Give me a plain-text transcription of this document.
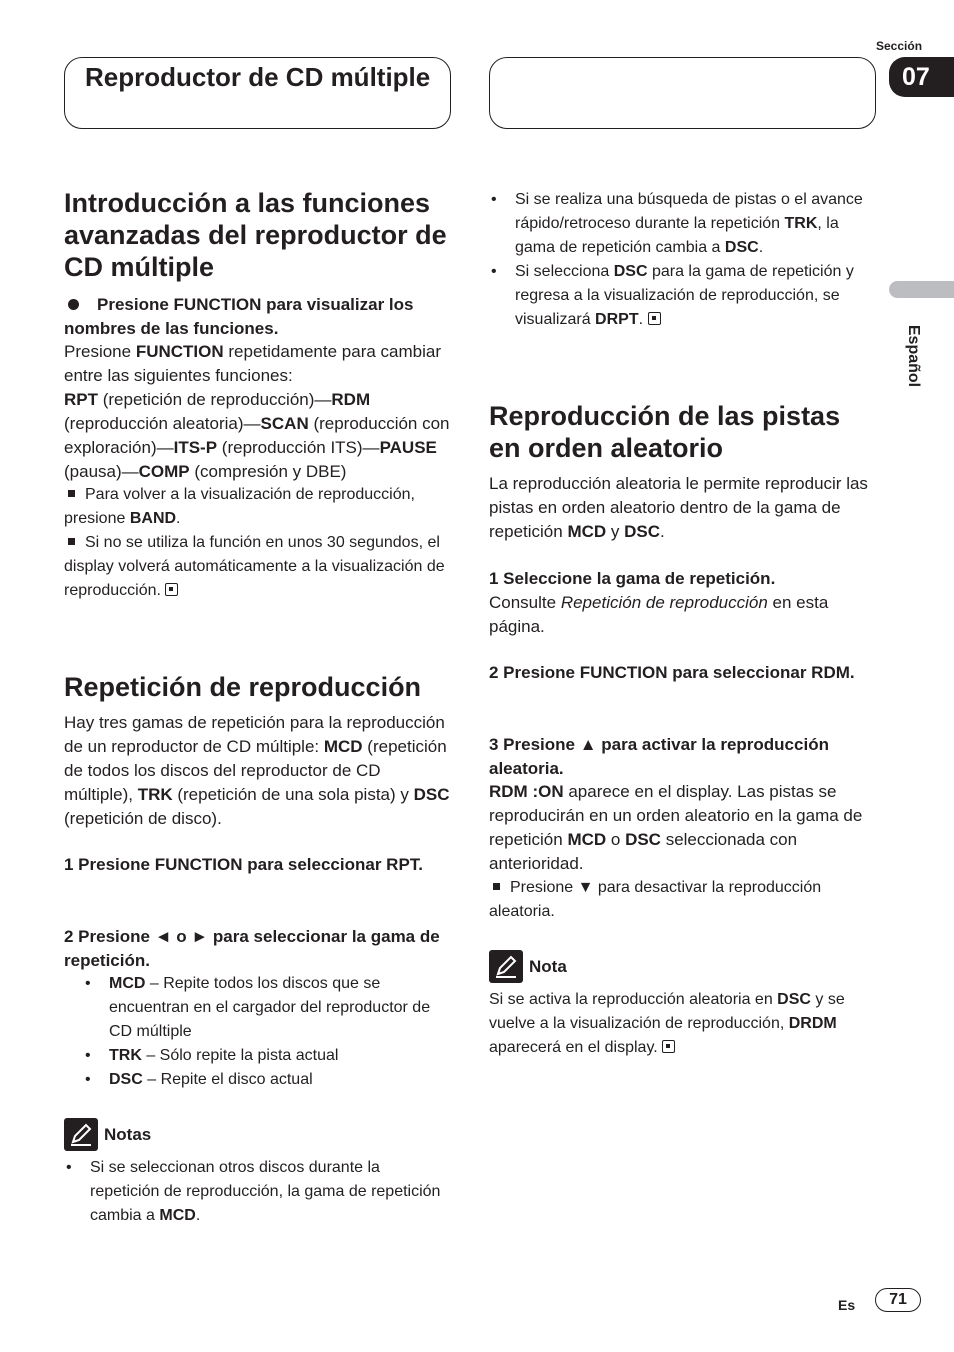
Reproductor de CD múltiple
Sección
07
Español
Introducción a las funciones avanzadas del reproductor de CD múltiple
Presione FUNCTION para visualizar los nombres de las funciones.
Presione FUNCTION repetidamente para cambiar entre las siguientes funciones:
RPT (repetición de reproducción)—RDM (reproducción aleatoria)—SCAN (reproducción con exploración)—ITS-P (reproducción ITS)—PAUSE (pausa)—COMP (compresión y DBE)
Para volver a la visualización de reproducción, presione BAND.
Si no se utiliza la función en unos 30 segundos, el display volverá automáticamente a la visualización de reproducción.
Repetición de reproducción
Hay tres gamas de repetición para la reproducción de un reproductor de CD múltiple: MCD (repetición de todos los discos del reproductor de CD múltiple), TRK (repetición de una sola pista) y DSC (repetición de disco).
1 Presione FUNCTION para seleccionar RPT.
2 Presione ◄ o ► para seleccionar la gama de repetición.
• MCD – Repite todos los discos que se encuentran en el cargador del reproductor de CD múltiple
• TRK – Sólo repite la pista actual
• DSC – Repite el disco actual
Notas
• Si se seleccionan otros discos durante la repetición de reproducción, la gama de repetición cambia a MCD.
• Si se realiza una búsqueda de pistas o el avance rápido/retroceso durante la repetición TRK, la gama de repetición cambia a DSC.
• Si selecciona DSC para la gama de repetición y regresa a la visualización de reproducción, se visualizará DRPT.
Reproducción de las pistas en orden aleatorio
La reproducción aleatoria le permite reproducir las pistas en orden aleatorio dentro de la gama de repetición MCD y DSC.
1 Seleccione la gama de repetición.
Consulte Repetición de reproducción en esta página.
2 Presione FUNCTION para seleccionar RDM.
3 Presione ▲ para activar la reproducción aleatoria.
RDM :ON aparece en el display. Las pistas se reproducirán en un orden aleatorio en la gama de repetición MCD o DSC seleccionada con anterioridad.
Presione ▼ para desactivar la reproducción aleatoria.
Nota
Si se activa la reproducción aleatoria en DSC y se vuelve a la visualización de reproducción, DRDM aparecerá en el display.
Es	71
